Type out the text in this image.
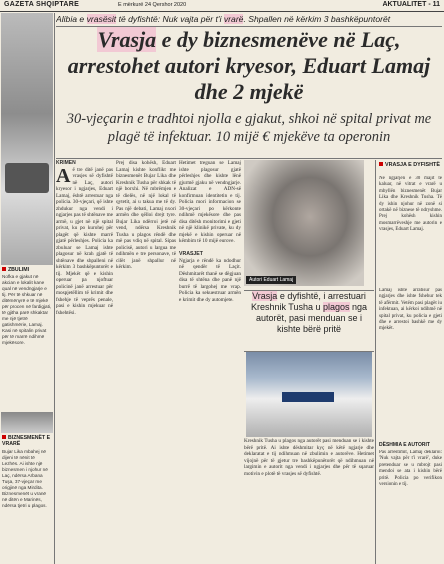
GAZETA SHQIPTARE	E mërkurë 24 Qershor 2020	AKTUALITET - 11
ZBULIMI
Nofka e gjakut në akcian e lokalit kane qual në vendngjarje e tij. Për të shkuar në ditëmënyrë e të mjekë për procen në fardigjati, të gjitha parë shkaktar me një tjetrë gatishmërie, Lamaj. Kasi në spitalin privat për të marrë ndihmë mjekësore.
BIZNESMENËT E VRARË
Bujar Lika mbahej në dijeni të nënit të Lezhës. Ai ishte një biznesmen i njohur në Laç, ndërsa Arbana Tuşa, 37-vjeçar me origjinë nga Mirdita. Biznesmenët u vranë në ditën e Marinës, ndërsa tjetri u plagos.
Alibia e vrasësit të dyfishtë: Nuk vajta për t'i vrarë. Shpallen në kërkim 3 bashkëpuntorët
Vrasja e dy biznesmenëve në Laç, arrestohet autori kryesor, Eduart Lamaj dhe 2 mjekë
30-vjeçarin e tradhtoi njolla e gjakut, shkoi në spital privat me plagë të infektuar. 10 mijë € mjekëve ta operonin
KRIMEN

A ë tre ditë janë pas vrasjes së dyfishtë në Laç, autori kryesor i ngjarjes, Eduart Lamaj, është arrestuar nga policia. 30-vjeçari, që ishte zhdukur nga vendi i ngjarjes pas të shtënave me armë, u gjet në një spital privat, ku po kurohej për plagët që kishte marrë gjatë përleshjes. Policia ka zbuluar se Lamaj ishte plagosur në krah gjatë të shtënave dhe shpalleni në kërkim 3 bashkëpuntorët e tij. Mjekët që e kishin operuar pa njoftuar policinë janë arrestuar për mospjetëllim të krimit dhe fshehje të veprës penale, pasi e kishin mjekuar në fshehtësi.
Prej disa kohësh, Eduart Lamaj kishte konflikt me biznesmenët Bujar Lika dhe Kreshnik Tusha për shkak të një borxhi. Në mbrëmjen e të dielës, në një lokal të qytetit, ai u takua me të dy. Pas një debati, Lamaj nxori armën dhe qëlloi drejt tyre. Bujar Lika ndërroi jetë në vend, ndërsa Kreshnik Tusha u plagos rëndë dhe më pas vdiq në spital. Sipas policisë, autori u largua me ndihmën e tre personave, të cilët janë shpallur në kërkim.
Hetimet treguan se Lamaj ishte plagosur gjatë përleshjes dhe kishte lënë gjurmë gjaku në vendngjarje. Analizat e ADN-së konfirmuan identitetin e tij. Policia mori informacion se 30-vjeçari po kërkonte ndihmë mjekësore dhe pas disa ditësh monitorimi e gjeti në një klinikë private, ku dy mjekë e kishin operuar në këmbim të 10 mijë eurove.

VRASJET
Ngjarja e rëndë ka ndodhur në qendër të Laçit. Dëshmitarët thanë se dëgjuan disa të shtëna dhe panë një burrë të largohej me vrap. Policia ka sekuestruar armën e krimit dhe dy automjete.
Autori Eduart Lamaj
Vrasja e dyfishtë, i arrestuari Kreshnik Tusha u plagos nga autorët, pasi menduan se i kishte bërë pritë
Kreshnik Tusha u plagos nga autorët pasi menduan se i kishte bërë pritë. Ai ishte dëshmitar kyç në këtë ngjarje dhe deklaratat e tij ndihmuan në zbulimin e autorëve. Hetimet vijojnë për të gjetur tre bashkëpunëtorët që ndihmuan në largimin e autorit nga vendi i ngjarjes dhe për të sqaruar motivin e plotë të vrasjes së dyfishtë.
VRASJA E DYFISHTË
Në ngjarjen e 30 majit të kaluar, në vitrat e vrarë u mbyllën biznesmenët Bujar Lika dhe Kreshnik Tusha. Të dy ishin njohur në zonë si ortakë në biznese të ndryshme. Prej kohësh kishin mosmarrëveshje me autorin e vrasjes, Eduart Lamaj.
Lamaj ishte arratisur pas ngjarjes dhe ishte fshehur tek të afërmit. Vetëm pasi plagët iu infektuan, ai kërkoi ndihmë në spital privat, ku policia e gjeti dhe e arrestoi bashkë me dy mjekët.
DËSHMIA E AUTORIT
Pas arrestimit, Lamaj deklaroi: 'Nuk vajta për t'i vrarë', duke pretenduar se u mbrojt pasi mendoi se ata i kishin bërë pritë. Policia po verifikon versionin e tij.
